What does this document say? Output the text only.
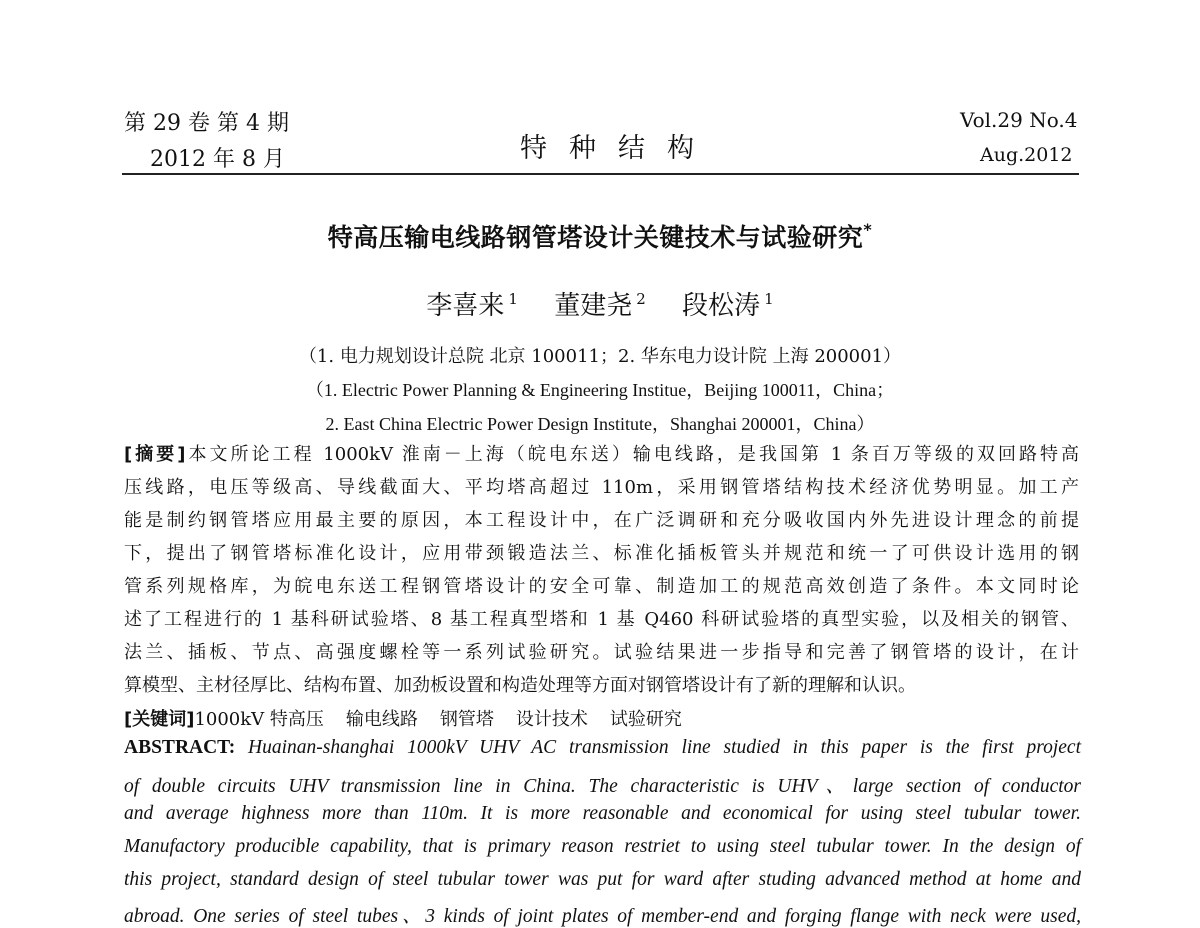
第 29 卷 第 4 期
2012 年 8 月	特种结构
Vol.29 No.4
Aug.2012
特高压输电线路钢管塔设计关键技术与试验研究*
李喜来 $^1$ 董建尧 $^2$ 段松涛 $^1$
（1. 电力规划设计总院 北京 100011；2. 华东电力设计院 上海 200001）
（1. Electric Power Planning & Engineering Institue，Beijing 100011，China；
2. East China Electric Power Design Institute，Shanghai 200001，China）
[摘要]本文所论工程 1000kV 淮南－上海（皖电东送）输电线路，是我国第 1 条百万等级的双回路特高
压线路，电压等级高、导线截面大、平均塔高超过 110m，采用钢管塔结构技术经济优势明显。加工产
能是制约钢管塔应用最主要的原因，本工程设计中，在广泛调研和充分吸收国内外先进设计理念的前提
下，提出了钢管塔标准化设计，应用带颈锻造法兰、标准化插板管头并规范和统一了可供设计选用的钢
管系列规格库，为皖电东送工程钢管塔设计的安全可靠、制造加工的规范高效创造了条件。本文同时论
述了工程进行的 1 基科研试验塔、8 基工程真型塔和 1 基 Q460 科研试验塔的真型实验，以及相关的钢管、
法兰、插板、节点、高强度螺栓等一系列试验研究。试验结果进一步指导和完善了钢管塔的设计，在计
算模型、主材径厚比、结构布置、加劲板设置和构造处理等方面对钢管塔设计有了新的理解和认识。
[关键词]1000kV 特高压 输电线路 钢管塔 设计技术 试验研究
ABSTRACT: Huainan-shanghai 1000kV UHV AC transmission line studied in this paper is the first project
of double circuits UHV transmission line in China. The characteristic is UHV、large section of conductor
and average highness more than 110m. It is more reasonable and economical for using steel tubular tower.
Manufactory producible capability, that is primary reason restriet to using steel tubular tower. In the design of
this project, standard design of steel tubular tower was put for ward after studing advanced method at home and
abroad. One series of steel tubes、3 kinds of joint plates of member-end and forging flange with neck were used,
